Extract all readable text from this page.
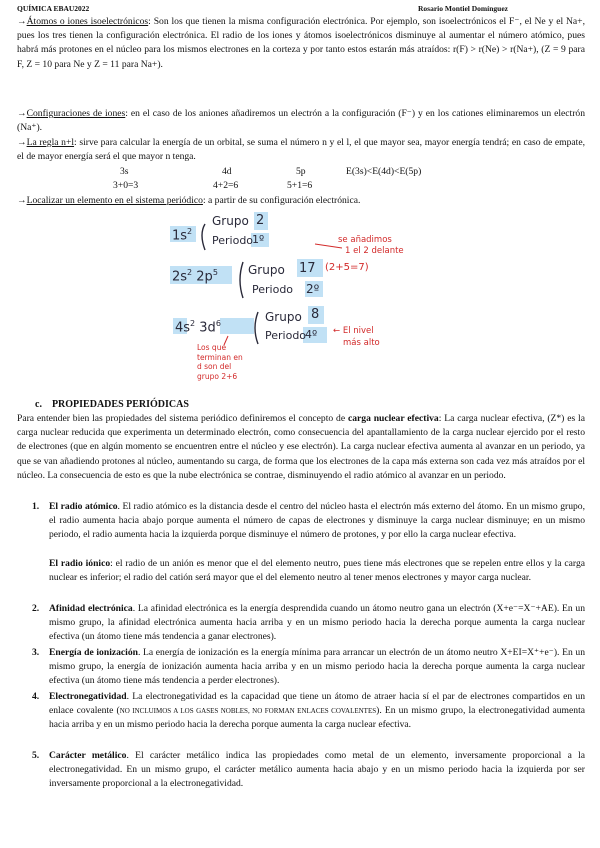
QUÍMICA EBAU2022	Rosario Montiel Domínguez
→Átomos o iones isoelectrónicos: Son los que tienen la misma configuración electrónica. Por ejemplo, son isoelectrónicos el F⁻, el Ne y el Na+, pues los tres tienen la configuración electrónica. El radio de los iones y átomos isoelectrónicos disminuye al aumentar el número atómico, pues habrá más protones en el núcleo para los mismos electrones en la corteza y por tanto estos estarán más atraídos: r(F) > r(Ne) > r(Na+), (Z = 9 para F, Z = 10 para Ne y Z = 11 para Na+).
→Configuraciones de iones: en el caso de los aniones añadiremos un electrón a la configuración (F⁻) y en los cationes eliminaremos un electrón (Na⁺).
→La regla n+l: sirve para calcular la energía de un orbital, se suma el número n y el l, el que mayor sea, mayor energía tendrá; en caso de empate, el de mayor energía será el que mayor n tenga.
3s	4d	5p	E(3s)<E(4d)<E(5p)
3+0=3	4+2=6	5+1=6
→Localizar un elemento en el sistema periódico: a partir de su configuración electrónica.
$1s^2$
Grupo 2
Periodo
1º
$2s^2$ $2p^5$	Grupo 17 (2+5=7)
Periodo 2º
$4s^2$ $3d^6$	Grupo 8
Periodo
4º
se añadimos
1 el 2 delante
← El nivel
más alto
Los que
terminan en
d son del
grupo 2+6
c. PROPIEDADES PERIÓDICAS
Para entender bien las propiedades del sistema periódico definiremos el concepto de carga nuclear efectiva: La carga nuclear efectiva, (Z*) es la carga nuclear reducida que experimenta un determinado electrón, como consecuencia del apantallamiento de la carga nuclear ejercido por el resto de electrones (que en algún momento se encuentren entre el núcleo y ese electrón). La carga nuclear efectiva aumenta al avanzar en un periodo, ya que se van añadiendo protones al núcleo, aumentando su carga, de forma que los electrones de la capa más externa son cada vez más atraídos por el núcleo. La consecuencia de esto es que la nube electrónica se contrae, disminuyendo el radio atómico al avanzar en un periodo.
1. El radio atómico. El radio atómico es la distancia desde el centro del núcleo hasta el electrón más externo del átomo. En un mismo grupo, el radio aumenta hacia abajo porque aumenta el número de capas de electrones y disminuye la carga nuclear disminuye; en un mismo periodo, el radio aumenta hacia la izquierda porque disminuye el número de protones, y por ello la carga nuclear efectiva.
El radio iónico: el radio de un anión es menor que el del elemento neutro, pues tiene más electrones que se repelen entre ellos y la carga nuclear es inferior; el radio del catión será mayor que el del elemento neutro al tener menos electrones y mayor carga nuclear.
2. Afinidad electrónica. La afinidad electrónica es la energía desprendida cuando un átomo neutro gana un electrón (X+e⁻=X⁻+AE). En un mismo grupo, la afinidad electrónica aumenta hacia arriba y en un mismo periodo hacia la derecha porque aumenta la carga nuclear efectiva (un átomo tiene más tendencia a ganar electrones).
3. Energía de ionización. La energía de ionización es la energía mínima para arrancar un electrón de un átomo neutro X+EI=X⁺+e⁻). En un mismo grupo, la energía de ionización aumenta hacia arriba y en un mismo periodo hacia la derecha porque aumenta la carga nuclear efectiva (un átomo tiene más tendencia a perder electrones).
4. Electronegatividad. La electronegatividad es la capacidad que tiene un átomo de atraer hacia sí el par de electrones compartidos en un enlace covalente (NO INCLUIMOS A LOS GASES NOBLES, NO FORMAN ENLACES COVALENTES). En un mismo grupo, la electronegatividad aumenta hacia arriba y en un mismo periodo hacia la derecha porque aumenta la carga nuclear efectiva.
5. Carácter metálico. El carácter metálico indica las propiedades como metal de un elemento, inversamente proporcional a la electronegatividad. En un mismo grupo, el carácter metálico aumenta hacia abajo y en un mismo periodo hacia la izquierda por ser inversamente proporcional a la electronegatividad.
